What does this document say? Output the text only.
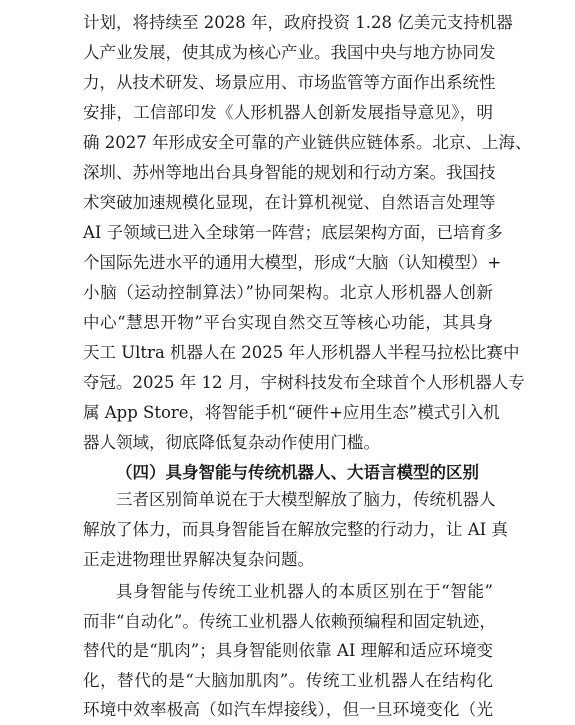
计划，将持续至 2028 年，政府投资 1.28 亿美元支持机器
人产业发展，使其成为核心产业。我国中央与地方协同发
力，从技术研发、场景应用、市场监管等方面作出系统性
安排，工信部印发《人形机器人创新发展指导意见》，明
确 2027 年形成安全可靠的产业链供应链体系。北京、上海、
深圳、苏州等地出台具身智能的规划和行动方案。我国技
术突破加速规模化显现，在计算机视觉、自然语言处理等
AI 子领域已进入全球第一阵营；底层架构方面，已培育多
个国际先进水平的通用大模型，形成“大脑（认知模型）+
小脑（运动控制算法）”协同架构。北京人形机器人创新
中心“慧思开物”平台实现自然交互等核心功能，其具身
天工 Ultra 机器人在 2025 年人形机器人半程马拉松比赛中
夺冠。2025 年 12 月，宇树科技发布全球首个人形机器人专
属 App Store，将智能手机“硬件+应用生态”模式引入机
器人领域，彻底降低复杂动作使用门槛。
（四）具身智能与传统机器人、大语言模型的区别
三者区别简单说在于大模型解放了脑力，传统机器人
解放了体力，而具身智能旨在解放完整的行动力，让 AI 真
正走进物理世界解决复杂问题。
具身智能与传统工业机器人的本质区别在于“智能”
而非“自动化”。传统工业机器人依赖预编程和固定轨迹，
替代的是“肌肉”；具身智能则依靠 AI 理解和适应环境变
化，替代的是“大脑加肌肉”。传统工业机器人在结构化
环境中效率极高（如汽车焊接线），但一旦环境变化（光
